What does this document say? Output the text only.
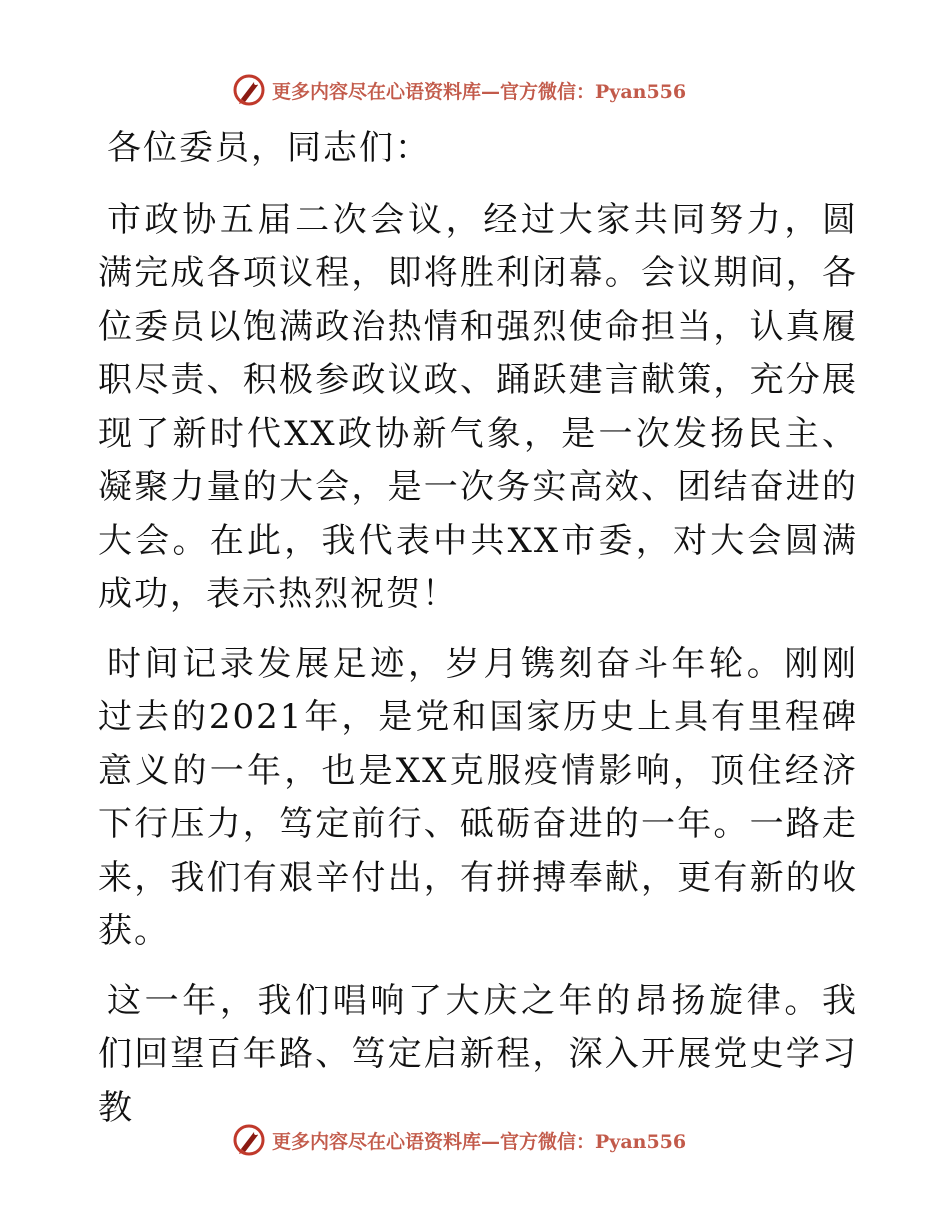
更多内容尽在心语资料库—官方微信：Pyan556

各位委员，同志们：

市政协五届二次会议，经过大家共同努力，圆满完成各项议程，即将胜利闭幕。会议期间，各位委员以饱满政治热情和强烈使命担当，认真履职尽责、积极参政议政、踊跃建言献策，充分展现了新时代XX政协新气象，是一次发扬民主、凝聚力量的大会，是一次务实高效、团结奋进的大会。在此，我代表中共XX市委，对大会圆满成功，表示热烈祝贺！

时间记录发展足迹，岁月镌刻奋斗年轮。刚刚过去的2021年，是党和国家历史上具有里程碑意义的一年，也是XX克服疫情影响，顶住经济下行压力，笃定前行、砥砺奋进的一年。一路走来，我们有艰辛付出，有拼搏奉献，更有新的收获。

这一年，我们唱响了大庆之年的昂扬旋律。我们回望百年路、笃定启新程，深入开展党史学习教

更多内容尽在心语资料库—官方微信：Pyan556
